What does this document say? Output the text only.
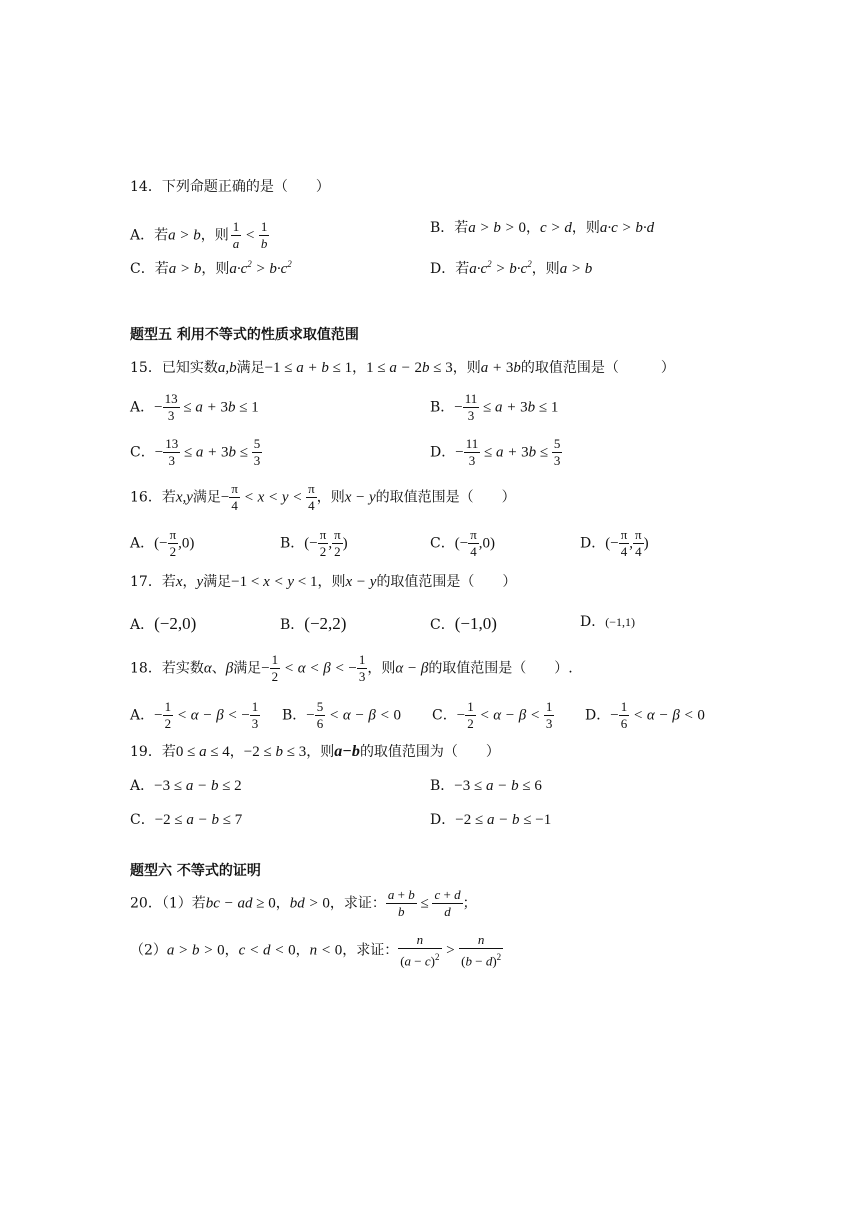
14．下列命题正确的是（　　）
A．若a > b，则 $\frac{1}{a} < \frac{1}{b}$	B．若a > b > 0，c > d，则a·c > b·d
C．若a > b，则$a\cdot c^2 > b\cdot c^2$	D．若$a\cdot c^2 > b\cdot c^2$，则a > b
题型五 利用不等式的性质求取值范围
15．已知实数a,b满足−1 ≤ a + b ≤ 1，1 ≤ a − 2b ≤ 3，则a + 3b的取值范围是（　　　）
A．− $\frac{13}{3} \le a + 3b \le 1$	B．− $\frac{11}{3} \le a + 3b \le 1$
C．− $\frac{13}{3} \le a + 3b \le \frac{5}{3}$	D．− $\frac{11}{3} \le a + 3b \le \frac{5}{3}$
16．若x,y满足− $\frac{\pi}{4} < x < y < \frac{\pi}{4}$ ，则x − y的取值范围是（　　）
A．(− $\frac{\pi}{2} ,0$)	B．(− $\frac{\pi}{2}$ , $\frac{\pi}{2}$ )	C．(− $\frac{\pi}{4} ,0$)	D．(− $\frac{\pi}{4}$ , $\frac{\pi}{4}$ )
17．若x，y满足−1 < x < y < 1，则x − y的取值范围是（　　）
A．(−2,0)	B．(−2,2)	C．(−1,0)	D．(−1,1)
18．若实数α、β满足− $\frac{1}{2} < \alpha < \beta$ < − $\frac{1}{3}$ ，则α − β的取值范围是（　　）.
A．− $\frac{1}{2} < \alpha - \beta$ < − $\frac{1}{3}$ B．− $\frac{5}{6} < \alpha - \beta < 0$ C．− $\frac{1}{2} < \alpha - \beta < \frac{1}{3}$ D．− $\frac{1}{6} < \alpha - \beta < 0$
19．若0 ≤ a ≤ 4，−2 ≤ b ≤ 3，则a−b的取值范围为（　　）
A．−3 ≤ a − b ≤ 2	B．−3 ≤ a − b ≤ 6
C．−2 ≤ a − b ≤ 7	D．−2 ≤ a − b ≤ −1
题型六 不等式的证明
20．（1）若bc − ad ≥ 0，bd > 0，求证： $\frac{a + b}{b} \le \frac{c + d}{d}$ ；
（2）a > b > 0，c < d < 0，n < 0，求证： $\frac{n}{(a - c)^2} > \frac{n}{(b - d)^2}$
